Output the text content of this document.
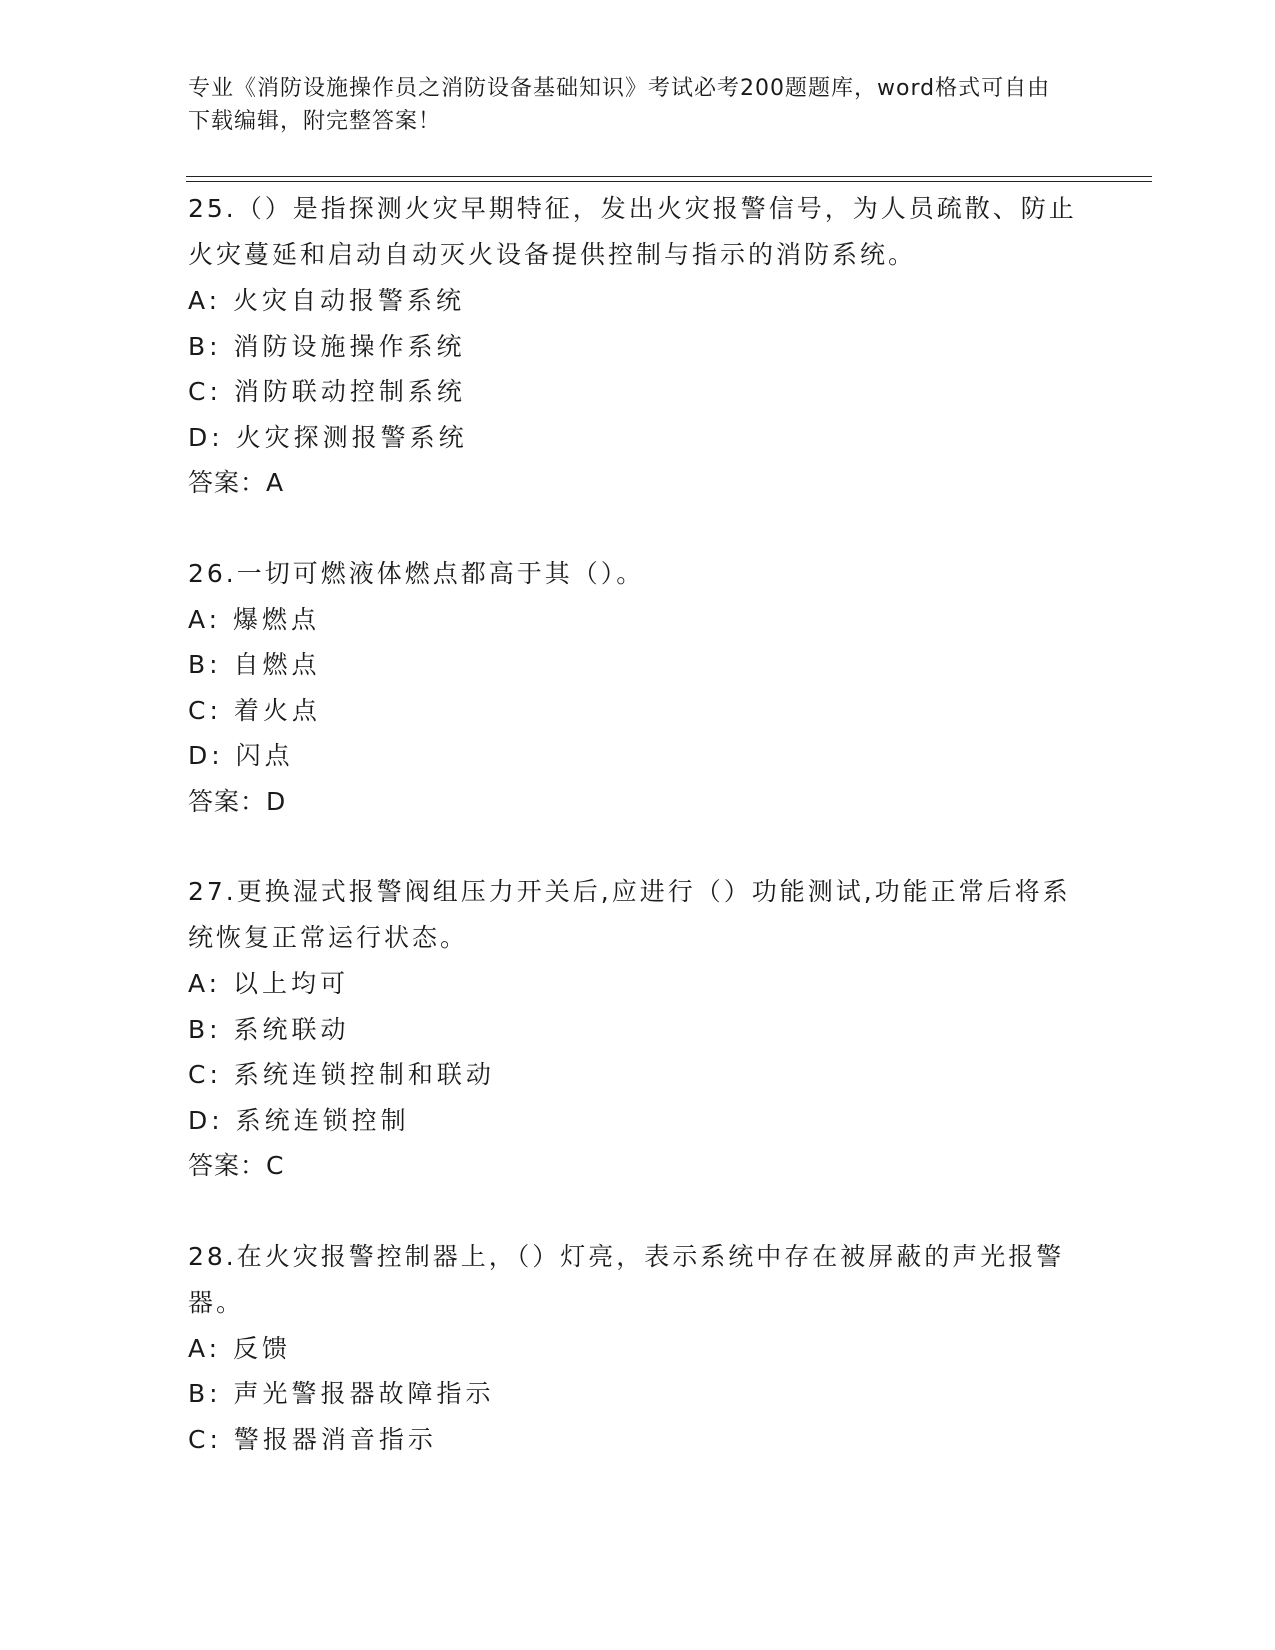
专业《消防设施操作员之消防设备基础知识》考试必考200题题库，word格式可自由下载编辑，附完整答案！

25.（）是指探测火灾早期特征，发出火灾报警信号，为人员疏散、防止火灾蔓延和启动自动灭火设备提供控制与指示的消防系统。

A: 火灾自动报警系统

B: 消防设施操作系统

C: 消防联动控制系统

D: 火灾探测报警系统

答案：A

26.一切可燃液体燃点都高于其（）。

A: 爆燃点

B: 自燃点

C: 着火点

D: 闪点

答案：D

27.更换湿式报警阀组压力开关后,应进行（）功能测试,功能正常后将系统恢复正常运行状态。

A: 以上均可

B: 系统联动

C: 系统连锁控制和联动

D: 系统连锁控制

答案：C

28.在火灾报警控制器上，（）灯亮，表示系统中存在被屏蔽的声光报警器。

A: 反馈

B: 声光警报器故障指示

C: 警报器消音指示
